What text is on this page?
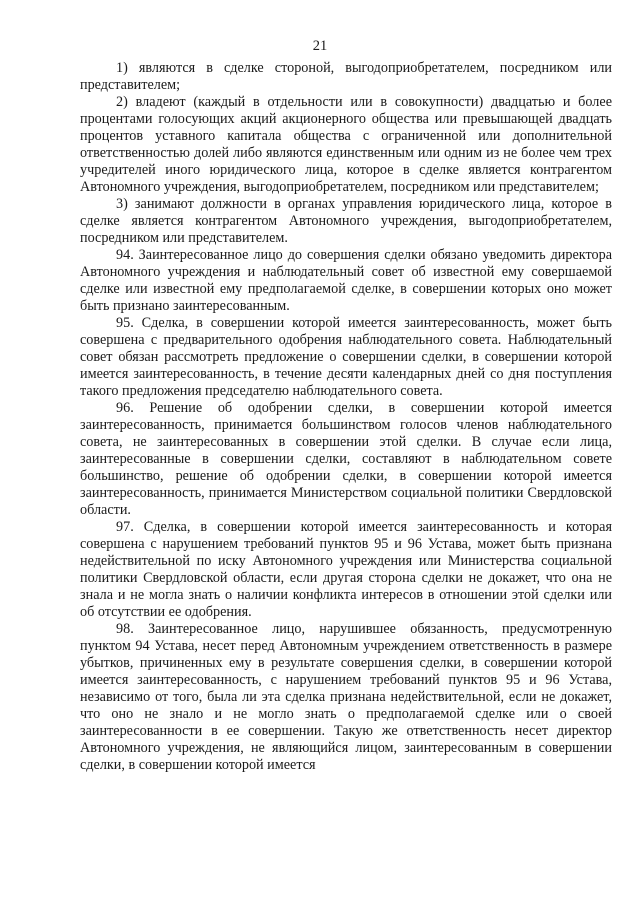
21

1) являются в сделке стороной, выгодоприобретателем, посредником или представителем;

2) владеют (каждый в отдельности или в совокупности) двадцатью и более процентами голосующих акций акционерного общества или превышающей двадцать процентов уставного капитала общества с ограниченной или дополнительной ответственностью долей либо являются единственным или одним из не более чем трех учредителей иного юридического лица, которое в сделке является контрагентом Автономного учреждения, выгодоприобретателем, посредником или представителем;

3) занимают должности в органах управления юридического лица, которое в сделке является контрагентом Автономного учреждения, выгодоприобретателем, посредником или представителем.

94. Заинтересованное лицо до совершения сделки обязано уведомить директора Автономного учреждения и наблюдательный совет об известной ему совершаемой сделке или известной ему предполагаемой сделке, в совершении которых оно может быть признано заинтересованным.

95. Сделка, в совершении которой имеется заинтересованность, может быть совершена с предварительного одобрения наблюдательного совета. Наблюдательный совет обязан рассмотреть предложение о совершении сделки, в совершении которой имеется заинтересованность, в течение десяти календарных дней со дня поступления такого предложения председателю наблюдательного совета.

96. Решение об одобрении сделки, в совершении которой имеется заинтересованность, принимается большинством голосов членов наблюдательного совета, не заинтересованных в совершении этой сделки. В случае если лица, заинтересованные в совершении сделки, составляют в наблюдательном совете большинство, решение об одобрении сделки, в совершении которой имеется заинтересованность, принимается Министерством социальной политики Свердловской области.

97. Сделка, в совершении которой имеется заинтересованность и которая совершена с нарушением требований пунктов 95 и 96 Устава, может быть признана недействительной по иску Автономного учреждения или Министерства социальной политики Свердловской области, если другая сторона сделки не докажет, что она не знала и не могла знать о наличии конфликта интересов в отношении этой сделки или об отсутствии ее одобрения.

98. Заинтересованное лицо, нарушившее обязанность, предусмотренную пунктом 94 Устава, несет перед Автономным учреждением ответственность в размере убытков, причиненных ему в результате совершения сделки, в совершении которой имеется заинтересованность, с нарушением требований пунктов 95 и 96 Устава, независимо от того, была ли эта сделка признана недействительной, если не докажет, что оно не знало и не могло знать о предполагаемой сделке или о своей заинтересованности в ее совершении. Такую же ответственность несет директор Автономного учреждения, не являющийся лицом, заинтересованным в совершении сделки, в совершении которой имеется
